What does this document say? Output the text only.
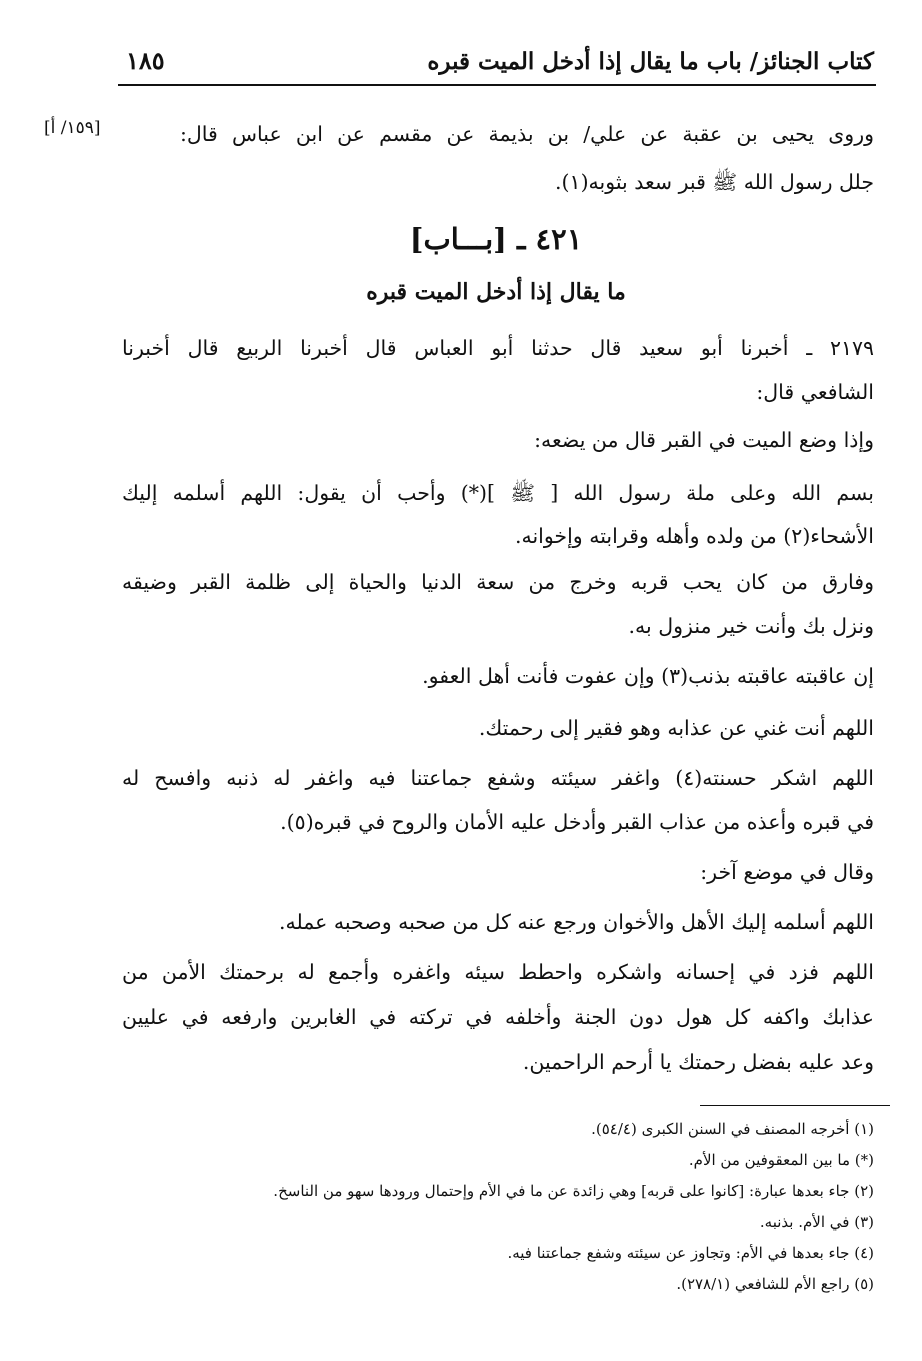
كتاب الجنائز/ باب ما يقال إذا أدخل الميت قبره
١٨٥
[١٥٩/ أ]	وروى يحيى بن عقبة عن علي/ بن بذيمة عن مقسم عن ابن عباس قال:
جلل رسول الله ﷺ قبر سعد بثوبه(١).
٤٢١ ـ [بـــاب]
ما يقال إذا أدخل الميت قبره
٢١٧٩ ـ أخبرنا أبو سعيد قال حدثنا أبو العباس قال أخبرنا الربيع قال أخبرنا
الشافعي قال:
وإذا وضع الميت في القبر قال من يضعه:
بسم الله وعلى ملة رسول الله [ ﷺ ](*) وأحب أن يقول: اللهم أسلمه إليك
الأشحاء(٢) من ولده وأهله وقرابته وإخوانه.
وفارق من كان يحب قربه وخرج من سعة الدنيا والحياة إلى ظلمة القبر وضيقه
ونزل بك وأنت خير منزول به.
إن عاقبته عاقبته بذنب(٣) وإن عفوت فأنت أهل العفو.
اللهم أنت غني عن عذابه وهو فقير إلى رحمتك.
اللهم اشكر حسنته(٤) واغفر سيئته وشفع جماعتنا فيه واغفر له ذنبه وافسح له
في قبره وأعذه من عذاب القبر وأدخل عليه الأمان والروح في قبره(٥).
وقال في موضع آخر:
اللهم أسلمه إليك الأهل والأخوان ورجع عنه كل من صحبه وصحبه عمله.
اللهم فزد في إحسانه واشكره واحطط سيئه واغفره وأجمع له برحمتك الأمن من
عذابك واكفه كل هول دون الجنة وأخلفه في تركته في الغابرين وارفعه في عليين
وعد عليه بفضل رحمتك يا أرحم الراحمين.
(١) أخرجه المصنف في السنن الكبرى (٥٤/٤).
(*) ما بين المعقوفين من الأم.
(٢) جاء بعدها عبارة: [كانوا على قربه] وهي زائدة عن ما في الأم وإحتمال ورودها سهو من الناسخ.
(٣) في الأم. بذنبه.
(٤) جاء بعدها في الأم: وتجاوز عن سيئته وشفع جماعتنا فيه.
(٥) راجع الأم للشافعي (٢٧٨/١).
